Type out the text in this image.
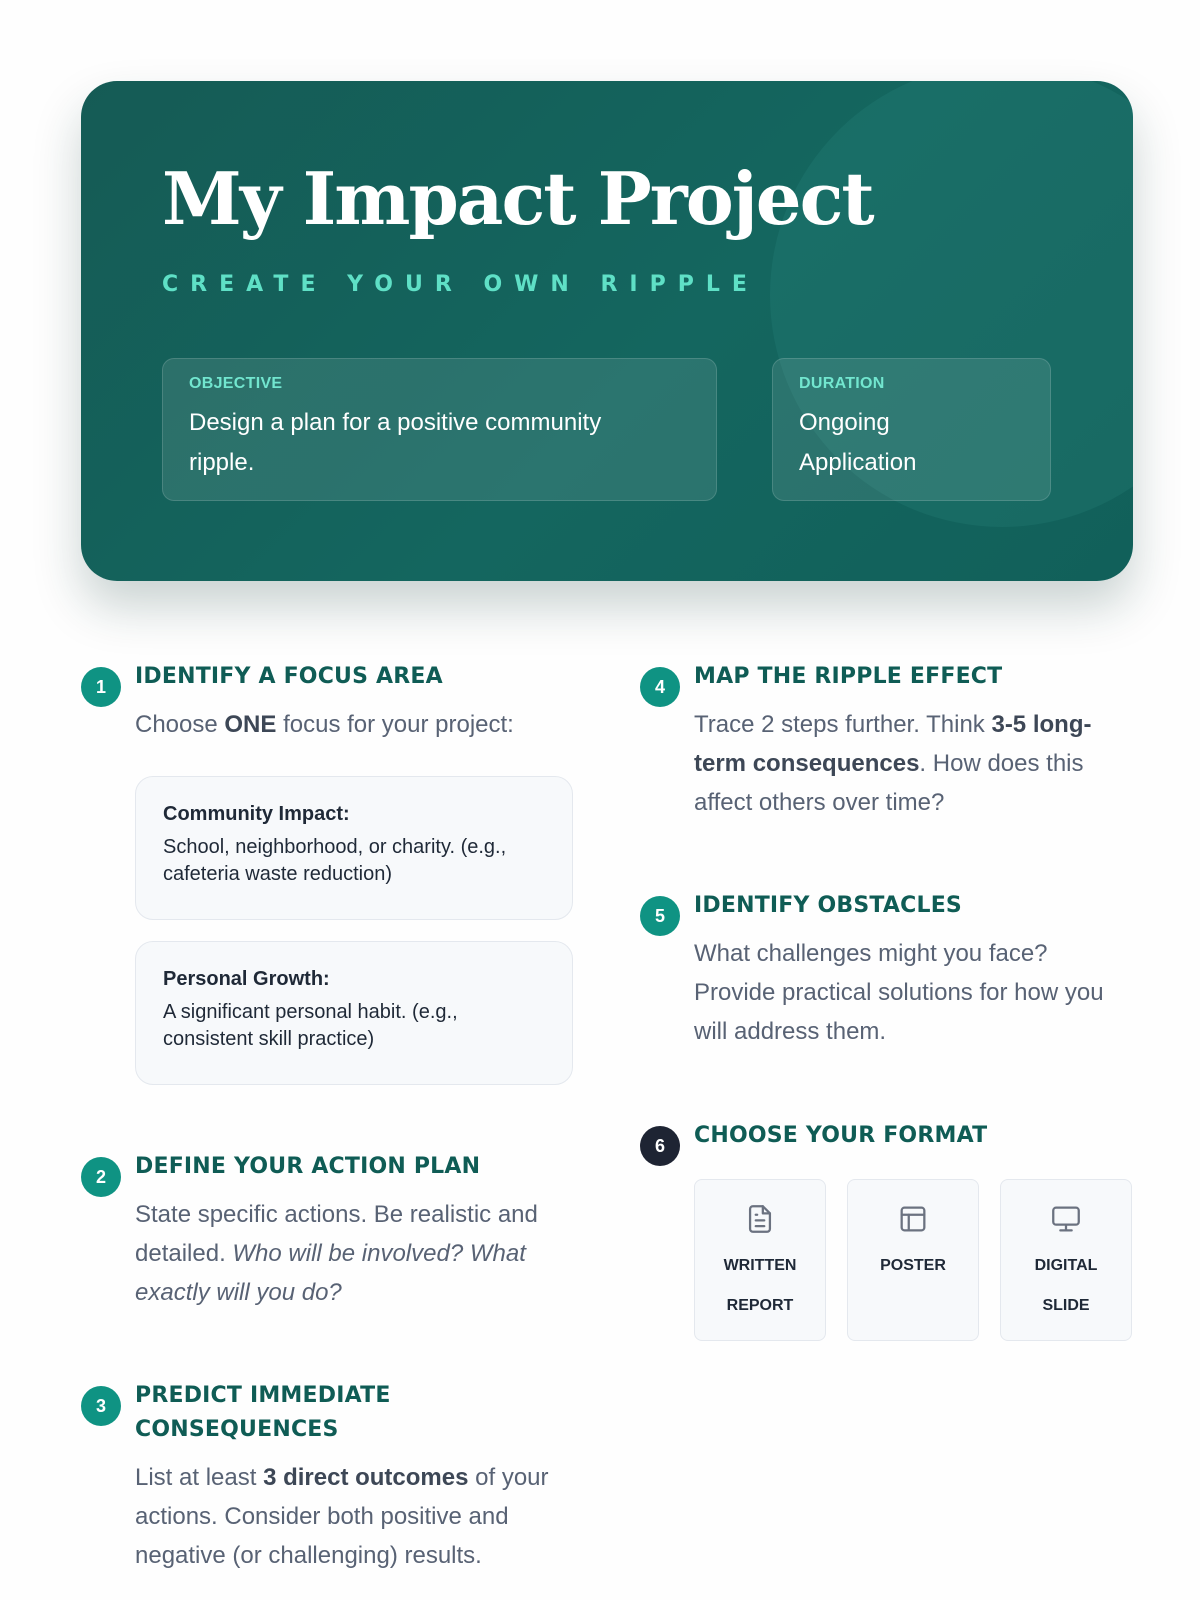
My Impact Project
CREATE YOUR OWN RIPPLE
OBJECTIVE
Design a plan for a positive community ripple.
DURATION
Ongoing Application
1	IDENTIFY A FOCUS AREA

Choose ONE focus for your project:

Community Impact:
School, neighborhood, or charity. (e.g., cafeteria waste reduction)
Personal Growth:
A significant personal habit. (e.g., consistent skill practice)
2	DEFINE YOUR ACTION PLAN

State specific actions. Be realistic and detailed. Who will be involved? What exactly will you do?

3	PREDICT IMMEDIATE CONSEQUENCES

List at least 3 direct outcomes of your actions. Consider both positive and negative (or challenging) results.

4	MAP THE RIPPLE EFFECT

Trace 2 steps further. Think 3-5 long-term consequences. How does this affect others over time?

5	IDENTIFY OBSTACLES

What challenges might you face? Provide practical solutions for how you will address them.

6	CHOOSE YOUR FORMAT
WRITTEN REPORT
POSTER	DIGITAL SLIDE
